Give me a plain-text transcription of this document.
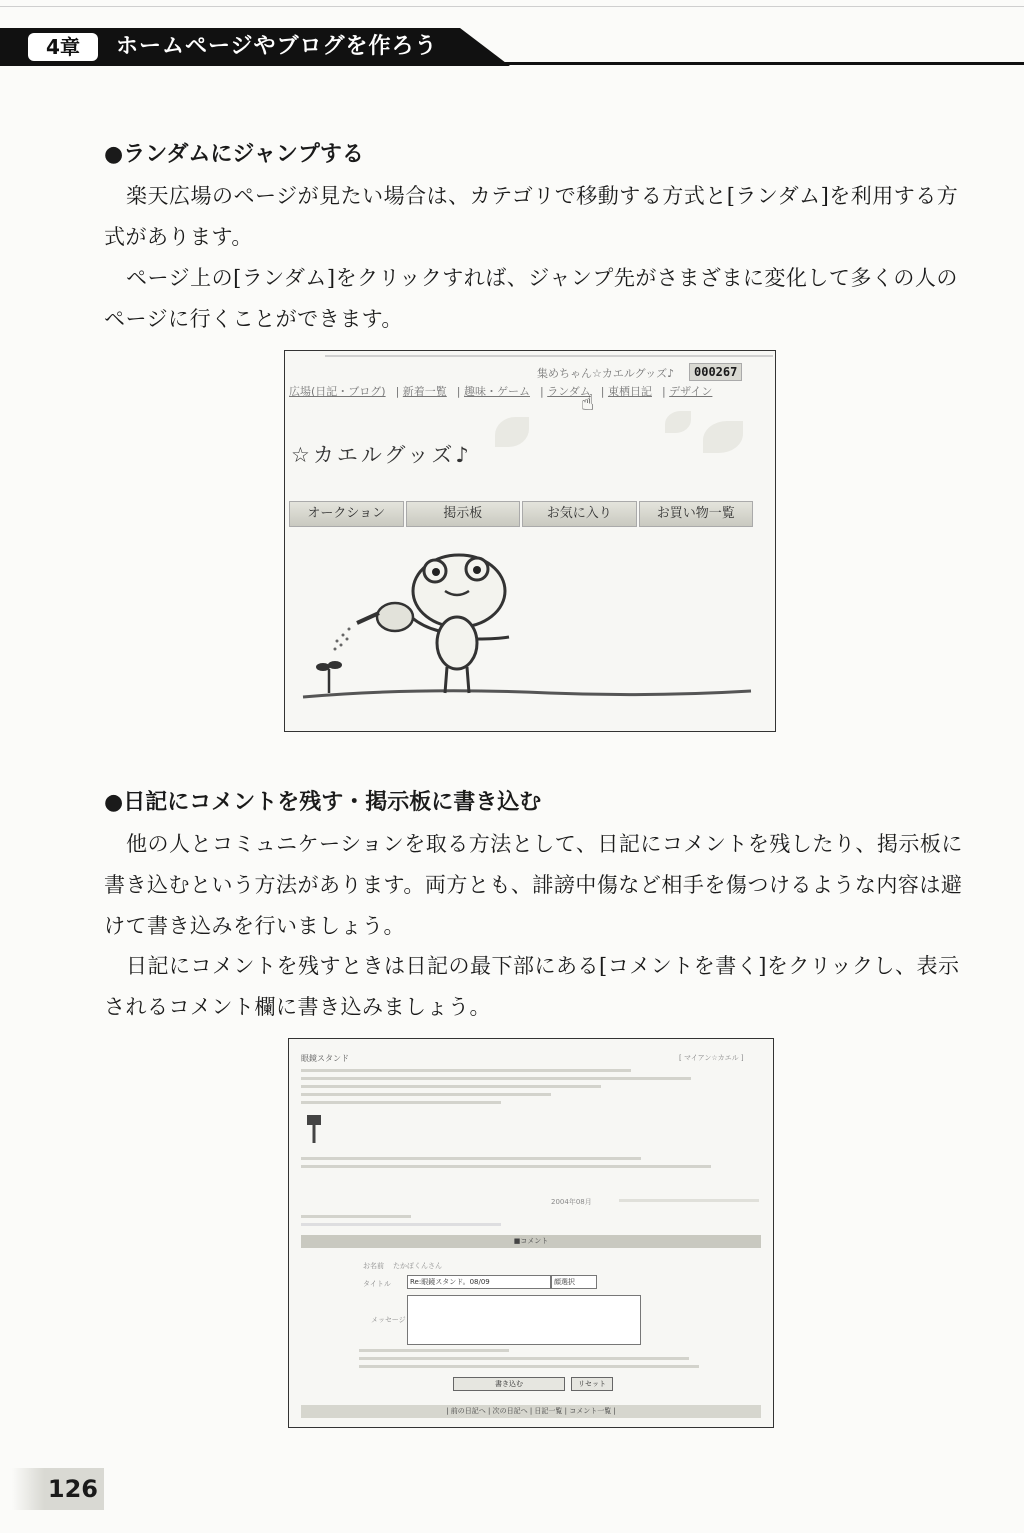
4章	ホームページやブログを作ろう
●ランダムにジャンプする
楽天広場のページが見たい場合は、カテゴリで移動する方式と[ランダム]を利用する方式があります。
ページ上の[ランダム]をクリックすれば、ジャンプ先がさまざまに変化して多くの人のページに行くことができます。
集めちゃん☆カエルグッズ♪	000267
広場(日記・ブログ) | 新着一覧 | 趣味・ゲーム | ランダム | 東栖日記 | デザイン
☝
☆カエルグッズ♪
オークション	掲示板	お気に入り	お買い物一覧
●日記にコメントを残す・掲示板に書き込む
他の人とコミュニケーションを取る方法として、日記にコメントを残したり、掲示板に書き込むという方法があります。両方とも、誹謗中傷など相手を傷つけるような内容は避けて書き込みを行いましょう。
日記にコメントを残すときは日記の最下部にある[コメントを書く]をクリックし、表示されるコメント欄に書き込みましょう。
眼鏡スタンド	[ マイアン☆カエル ]
2004年08月
■コメント
お名前 たかぽくんさん
タイトル	Re:眼鏡スタンド。08/09	顔選択
メッセージ
書き込む	リセット
| 前の日記へ | 次の日記へ | 日記一覧 | コメント一覧 |
126
